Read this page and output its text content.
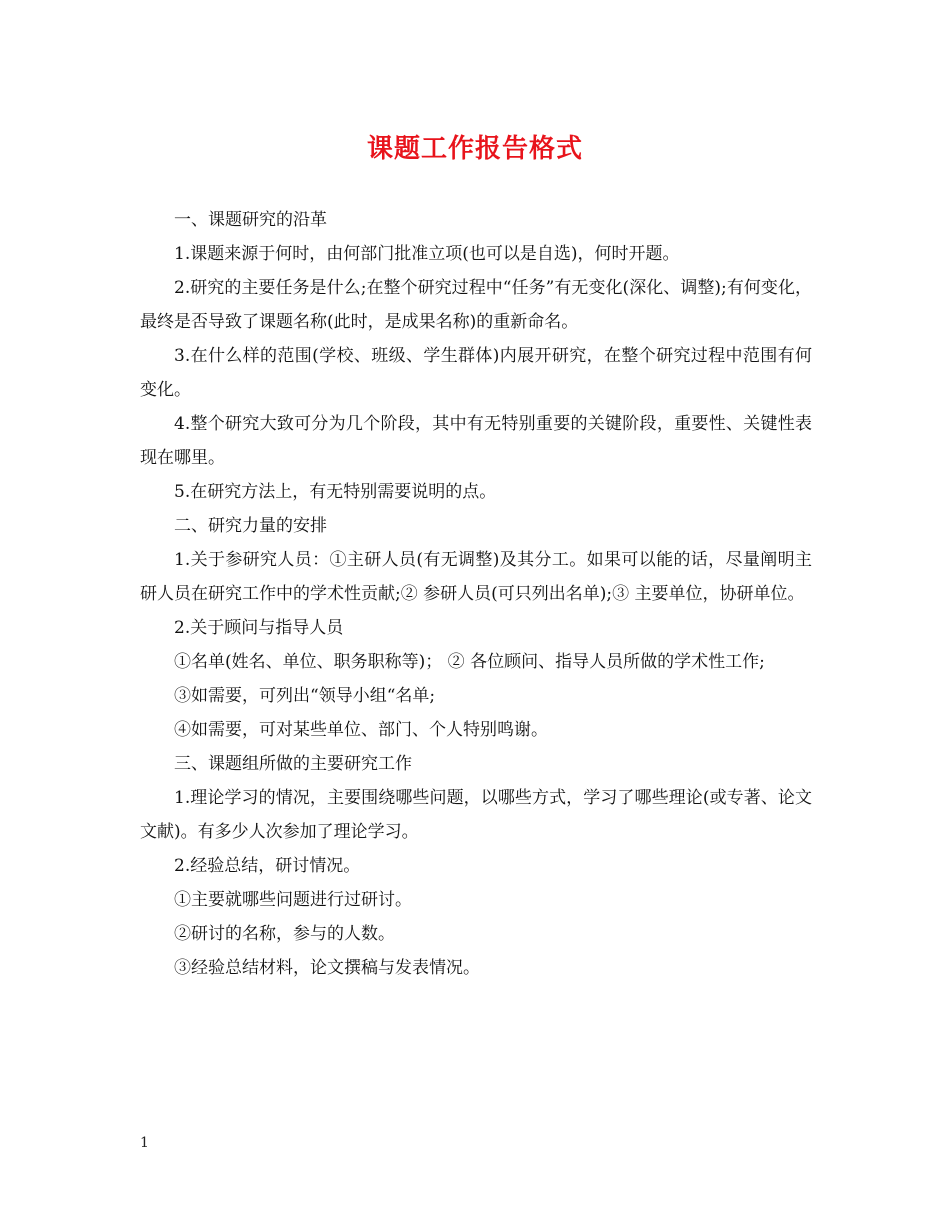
课题工作报告格式

一、课题研究的沿革

1.课题来源于何时，由何部门批准立项(也可以是自选)，何时开题。

2.研究的主要任务是什么;在整个研究过程中“任务”有无变化(深化、调整);有何变化，最终是否导致了课题名称(此时，是成果名称)的重新命名。

3.在什么样的范围(学校、班级、学生群体)内展开研究，在整个研究过程中范围有何变化。

4.整个研究大致可分为几个阶段，其中有无特别重要的关键阶段，重要性、关键性表现在哪里。

5.在研究方法上，有无特别需要说明的点。

二、研究力量的安排

1.关于参研究人员：①主研人员(有无调整)及其分工。如果可以能的话，尽量阐明主研人员在研究工作中的学术性贡献;② 参研人员(可只列出名单);③ 主要单位，协研单位。

2.关于顾问与指导人员

①名单(姓名、单位、职务职称等)； ② 各位顾问、指导人员所做的学术性工作;

③如需要，可列出“领导小组“名单;

④如需要，可对某些单位、部门、个人特别鸣谢。

三、课题组所做的主要研究工作

1.理论学习的情况，主要围绕哪些问题，以哪些方式，学习了哪些理论(或专著、论文文献)。有多少人次参加了理论学习。

2.经验总结，研讨情况。

①主要就哪些问题进行过研讨。

②研讨的名称，参与的人数。

③经验总结材料，论文撰稿与发表情况。

1
